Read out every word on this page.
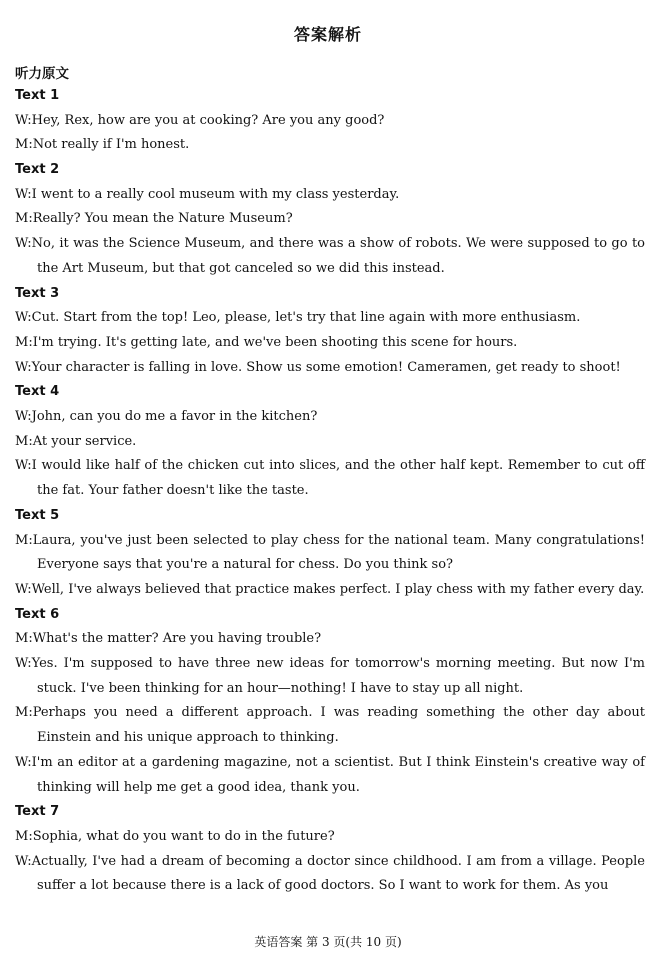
答案解析
听力原文
Text 1
W:Hey, Rex, how are you at cooking? Are you any good?
M:Not really if I'm honest.
Text 2
W:I went to a really cool museum with my class yesterday.
M:Really? You mean the Nature Museum?
W:No, it was the Science Museum, and there was a show of robots. We were supposed to go to the Art Museum, but that got canceled so we did this instead.
Text 3
W:Cut. Start from the top! Leo, please, let's try that line again with more enthusiasm.
M:I'm trying. It's getting late, and we've been shooting this scene for hours.
W:Your character is falling in love. Show us some emotion! Cameramen, get ready to shoot!
Text 4
W:John, can you do me a favor in the kitchen?
M:At your service.
W:I would like half of the chicken cut into slices, and the other half kept. Remember to cut off the fat. Your father doesn't like the taste.
Text 5
M:Laura, you've just been selected to play chess for the national team. Many congratulations! Everyone says that you're a natural for chess. Do you think so?
W:Well, I've always believed that practice makes perfect. I play chess with my father every day.
Text 6
M:What's the matter? Are you having trouble?
W:Yes. I'm supposed to have three new ideas for tomorrow's morning meeting. But now I'm stuck. I've been thinking for an hour—nothing! I have to stay up all night.
M:Perhaps you need a different approach. I was reading something the other day about Einstein and his unique approach to thinking.
W:I'm an editor at a gardening magazine, not a scientist. But I think Einstein's creative way of thinking will help me get a good idea, thank you.
Text 7
M:Sophia, what do you want to do in the future?
W:Actually, I've had a dream of becoming a doctor since childhood. I am from a village. People suffer a lot because there is a lack of good doctors. So I want to work for them. As you
英语答案 第 3 页(共 10 页)
